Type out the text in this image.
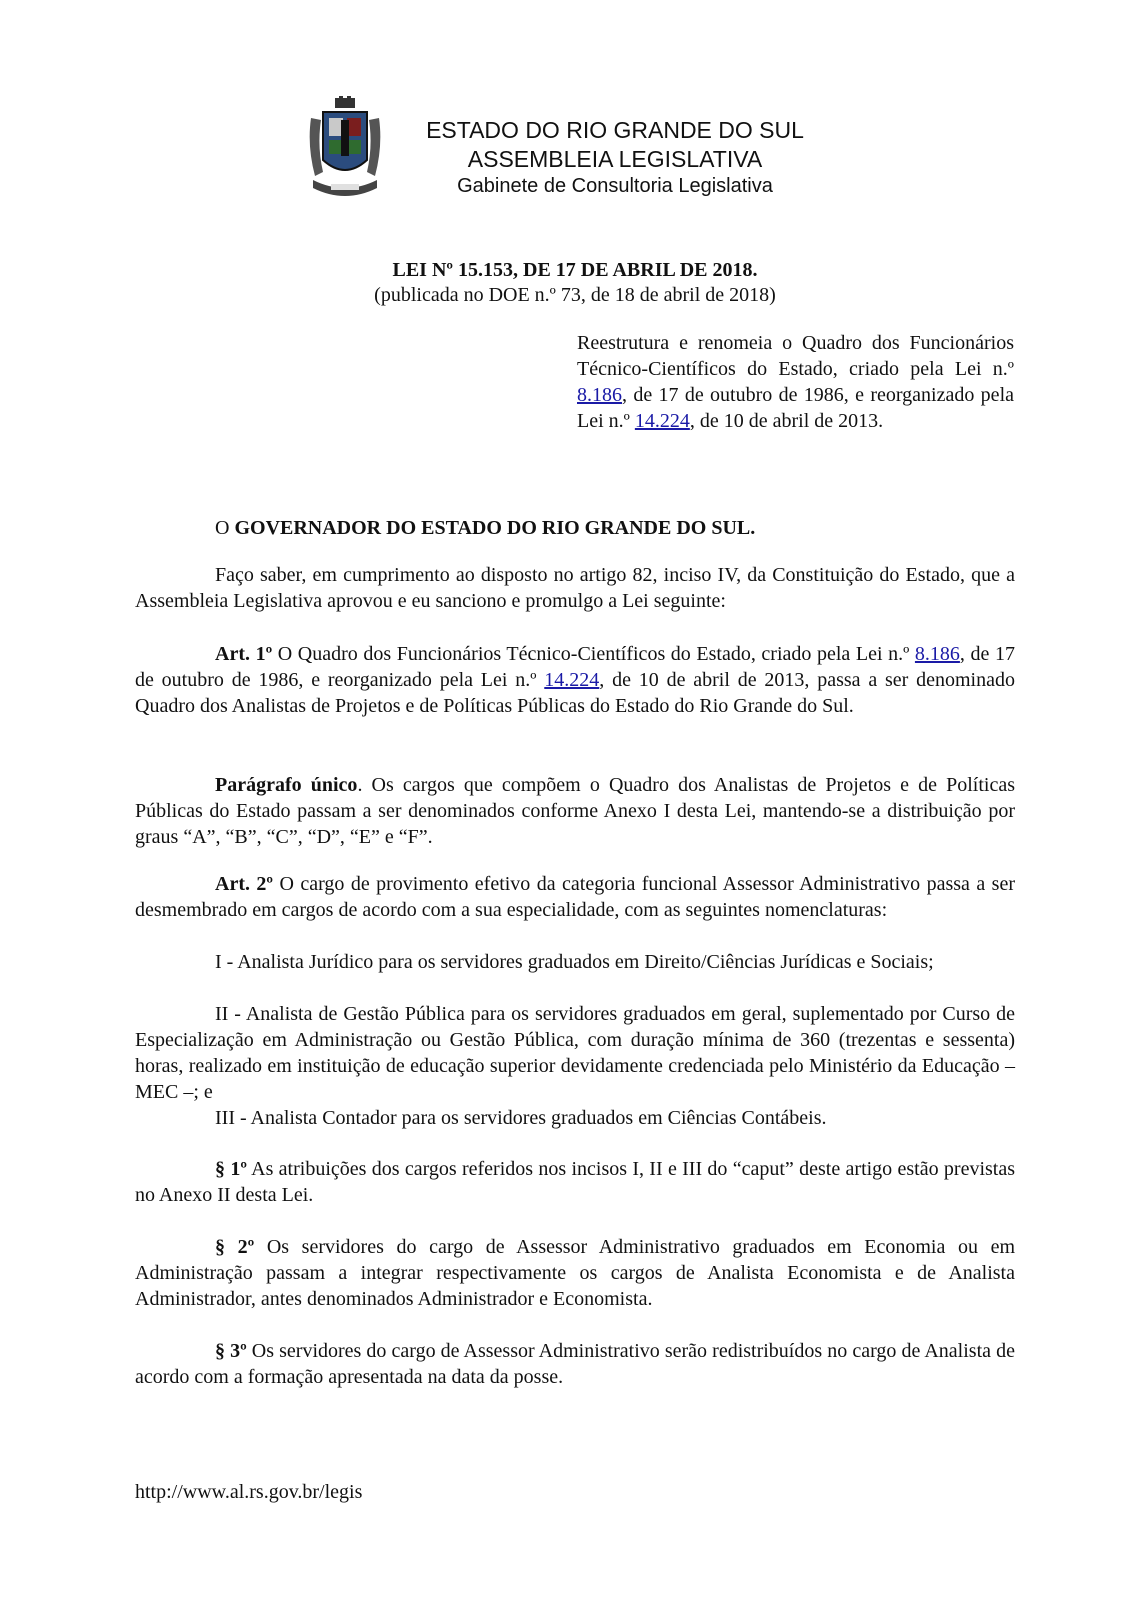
ESTADO DO RIO GRANDE DO SUL
ASSEMBLEIA LEGISLATIVA
Gabinete de Consultoria Legislativa
LEI Nº 15.153, DE 17 DE ABRIL DE 2018.
(publicada no DOE n.º 73, de 18 de abril de 2018)
Reestrutura e renomeia o Quadro dos Funcionários Técnico-Científicos do Estado, criado pela Lei n.º 8.186, de 17 de outubro de 1986, e reorganizado pela Lei n.º 14.224, de 10 de abril de 2013.
O GOVERNADOR DO ESTADO DO RIO GRANDE DO SUL.
Faço saber, em cumprimento ao disposto no artigo 82, inciso IV, da Constituição do Estado, que a Assembleia Legislativa aprovou e eu sanciono e promulgo a Lei seguinte:
Art. 1º O Quadro dos Funcionários Técnico-Científicos do Estado, criado pela Lei n.º 8.186, de 17 de outubro de 1986, e reorganizado pela Lei n.º 14.224, de 10 de abril de 2013, passa a ser denominado Quadro dos Analistas de Projetos e de Políticas Públicas do Estado do Rio Grande do Sul.
Parágrafo único. Os cargos que compõem o Quadro dos Analistas de Projetos e de Políticas Públicas do Estado passam a ser denominados conforme Anexo I desta Lei, mantendo-se a distribuição por graus “A”, “B”, “C”, “D”, “E” e “F”.
Art. 2º O cargo de provimento efetivo da categoria funcional Assessor Administrativo passa a ser desmembrado em cargos de acordo com a sua especialidade, com as seguintes nomenclaturas:
I - Analista Jurídico para os servidores graduados em Direito/Ciências Jurídicas e Sociais;
II - Analista de Gestão Pública para os servidores graduados em geral, suplementado por Curso de Especialização em Administração ou Gestão Pública, com duração mínima de 360 (trezentas e sessenta) horas, realizado em instituição de educação superior devidamente credenciada pelo Ministério da Educação – MEC –; e
III - Analista Contador para os servidores graduados em Ciências Contábeis.
§ 1º As atribuições dos cargos referidos nos incisos I, II e III do “caput” deste artigo estão previstas no Anexo II desta Lei.
§ 2º Os servidores do cargo de Assessor Administrativo graduados em Economia ou em Administração passam a integrar respectivamente os cargos de Analista Economista e de Analista Administrador, antes denominados Administrador e Economista.
§ 3º Os servidores do cargo de Assessor Administrativo serão redistribuídos no cargo de Analista de acordo com a formação apresentada na data da posse.
http://www.al.rs.gov.br/legis
